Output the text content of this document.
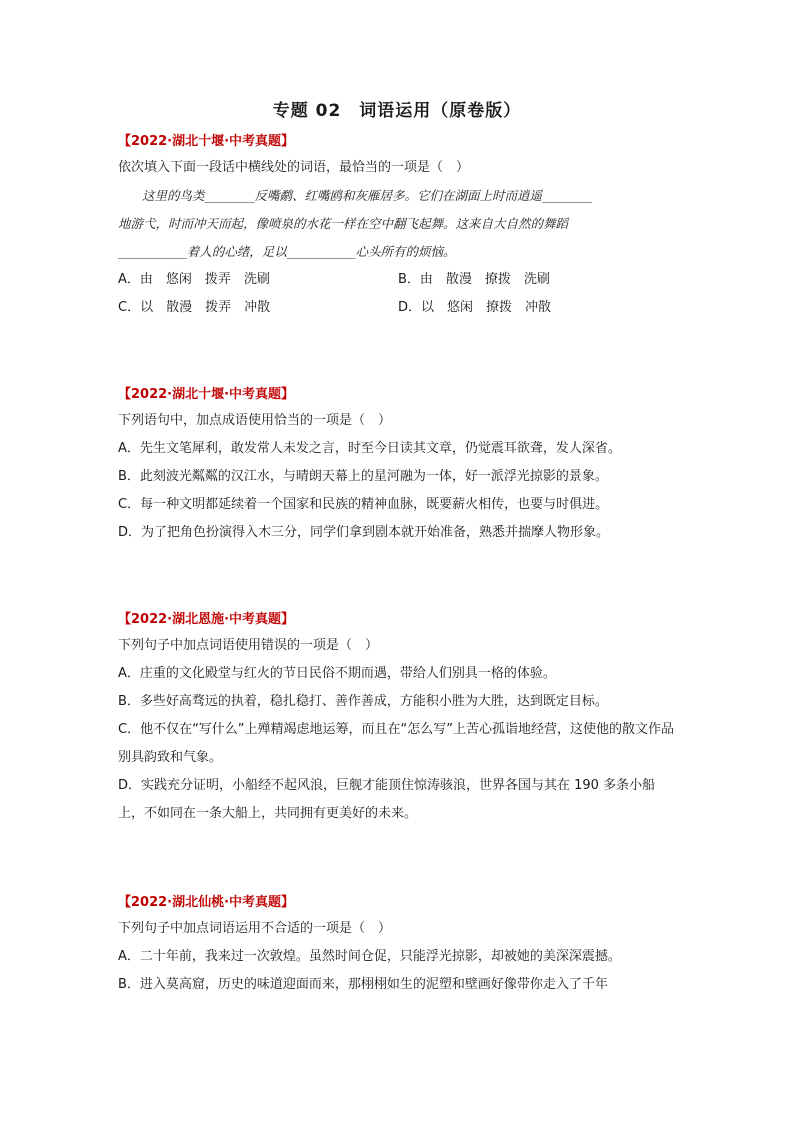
专题 02　词语运用（原卷版）
【2022·湖北十堰·中考真题】
依次填入下面一段话中横线处的词语，最恰当的一项是（　）
这里的鸟类________反嘴鹬、红嘴鸥和灰雁居多。它们在湖面上时而逍遥________
地游弋，时而冲天而起，像喷泉的水花一样在空中翻飞起舞。这来自大自然的舞蹈
___________着人的心绪，足以___________心头所有的烦恼。
A．由　悠闲　拨弄　洗刷	B．由　散漫　撩拨　洗刷
C．以　散漫　拨弄　冲散	D．以　悠闲　撩拨　冲散
【2022·湖北十堰·中考真题】
下列语句中，加点成语使用恰当的一项是（　）
A．先生文笔犀利，敢发常人未发之言，时至今日读其文章，仍觉震耳欲聋，发人深省。
B．此刻波光粼粼的汉江水，与晴朗天幕上的星河融为一体，好一派浮光掠影的景象。
C．每一种文明都延续着一个国家和民族的精神血脉，既要薪火相传，也要与时俱进。
D．为了把角色扮演得入木三分，同学们拿到剧本就开始准备，熟悉并揣摩人物形象。
【2022·湖北恩施·中考真题】
下列句子中加点词语使用错误的一项是（　）
A．庄重的文化殿堂与红火的节日民俗不期而遇，带给人们别具一格的体验。
B．多些好高骛远的执着，稳扎稳打、善作善成，方能积小胜为大胜，达到既定目标。
C．他不仅在“写什么”上殚精竭虑地运筹，而且在“怎么写”上苦心孤诣地经营，这使他的散文作品别具韵致和气象。
D．实践充分证明，小船经不起风浪，巨舰才能顶住惊涛骇浪，世界各国与其在 190 多条小船上，不如同在一条大船上，共同拥有更美好的未来。
【2022·湖北仙桃·中考真题】
下列句子中加点词语运用不合适的一项是（　）
A．二十年前，我来过一次敦煌。虽然时间仓促，只能浮光掠影，却被她的美深深震撼。
B．进入莫高窟，历史的味道迎面而来，那栩栩如生的泥塑和壁画好像带你走入了千年
